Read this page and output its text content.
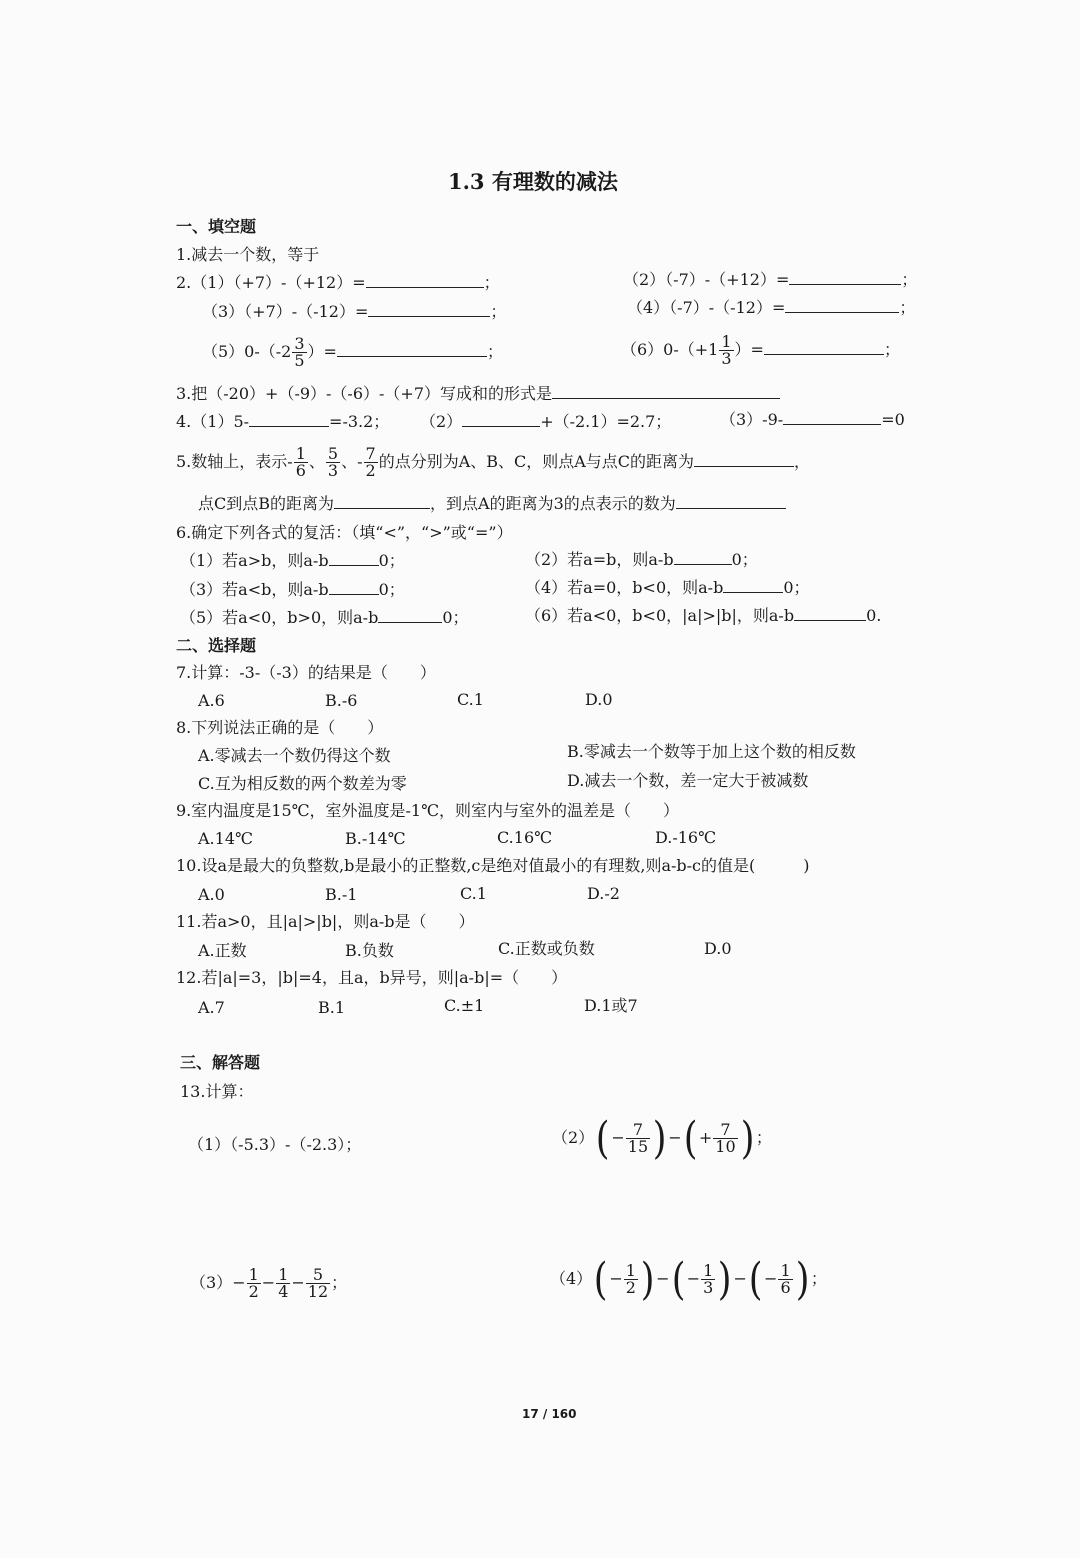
1.3 有理数的减法
一、填空题
1.减去一个数，等于
2.（1）（+7）-（+12）=	；	（2）（-7）-（+12）=	；
（3）（+7）-（-12）=	；	（4）（-7）-（-12）=	；
$(5)0-(-2 \frac{3}{5}$ ）=	；	$(6)0-(+1 \frac{1}{3}$ ）=	；
3.把（-20）+（-9）-（-6）-（+7）写成和的形式是
4.（1）5-	=-3.2； （2）	+（-2.1）=2.7；	（3）-9-	=0
5.数轴上，表示- $\frac{1}{6}$ 、 $\frac{5}{3}$ 、- $\frac{7}{2}$ 的点分别为A、B、C，则点A与点C的距离为	，
点C到点B的距离为	，到点A的距离为3的点表示的数为
6.确定下列各式的复活：（填“<”，“>”或“=”）
（1）若a>b，则a-b	0；	（2）若a=b，则a-b	0；
（3）若a<b，则a-b	0；	（4）若a=0，b<0，则a-b	0；
（5）若a<0，b>0，则a-b	0；	（6）若a<0，b<0，|a|>|b|，则a-b	0.
二、选择题
7.计算：-3-（-3）的结果是（　　）
A.6	B.-6	C.1	D.0
8.下列说法正确的是（　　）
A.零减去一个数仍得这个数	B.零减去一个数等于加上这个数的相反数
C.互为相反数的两个数差为零	D.减去一个数，差一定大于被减数
9.室内温度是15℃，室外温度是-1℃，则室内与室外的温差是（　　）
A.14℃	B.-14℃	C.16℃	D.-16℃
10.设a是最大的负整数,b是最小的正整数,c是绝对值最小的有理数,则a-b-c的值是(　　　)
A.0	B.-1	C.1	D.-2
11.若a>0，且|a|>|b|，则a-b是（　　）
A.正数	B.负数	C.正数或负数	D.0
12.若|a|=3，|b|=4，且a，b异号，则|a-b|=（　　）
A.7	B.1	C.±1	D.1或7
三、解答题
13.计算：
（1）（-5.3）-（-2.3）；	$(2)( - \frac{7}{15}$ ) −( + $\frac{7}{10}$ ) ；
$(3)- \frac{1}{2} - \frac{1}{4} - \frac{5}{12}$ ；	$(4)( - \frac{1}{2}$ ) −( − $\frac{1}{3}$ ) −( − $\frac{1}{6}$ ) ；
17 / 160
